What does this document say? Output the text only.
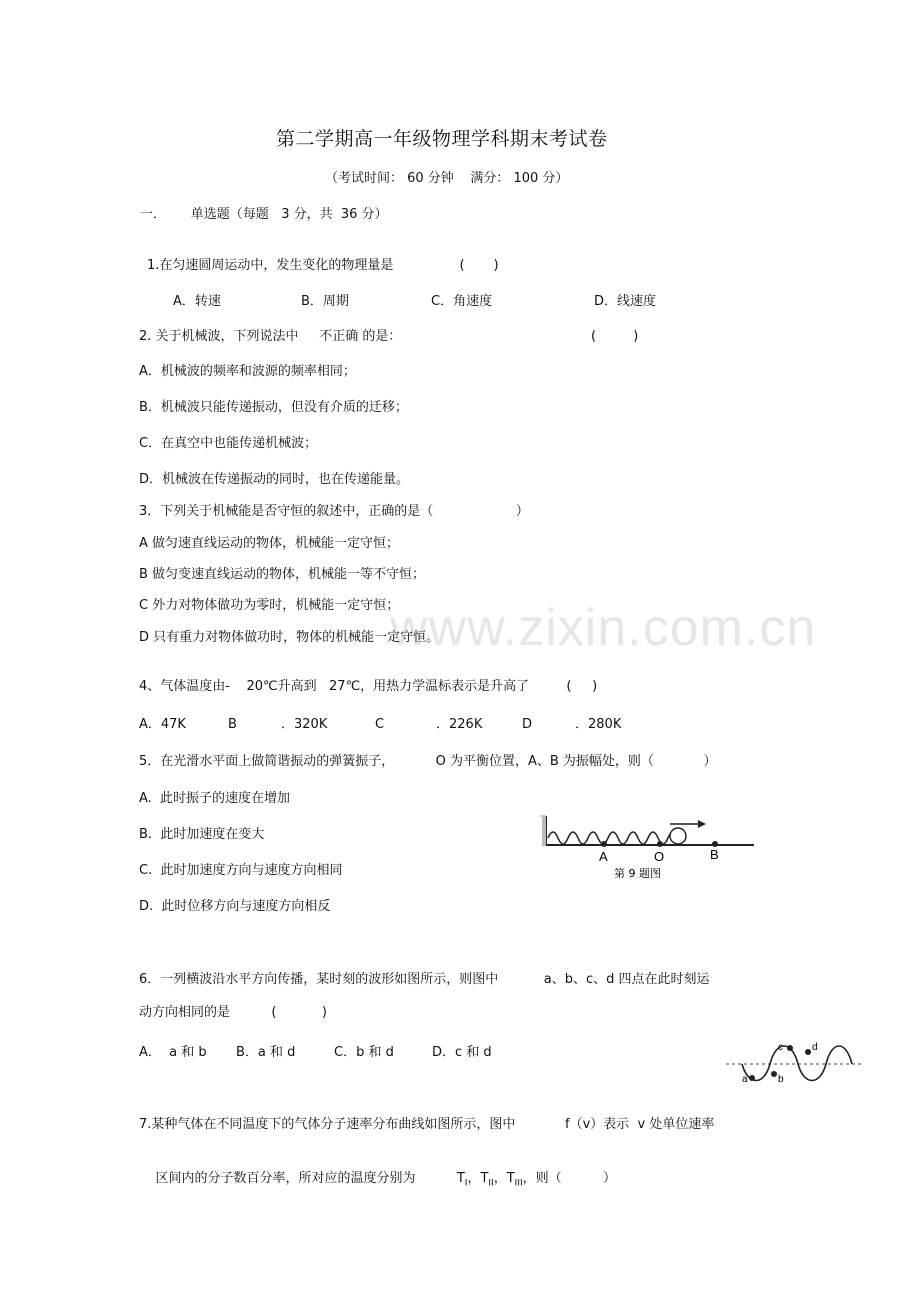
www.zixin.com.cn
第二学期高一年级物理学科期末考试卷
（考试时间： 60 分钟    满分： 100 分）
一．      单选题（每题   3 分，共  36 分）
1.在匀速圆周运动中，发生变化的物理量是                (       )
A．转速	B．周期	C．角速度	D．线速度
2. 关于机械波，下列说法中     不正确 的是：	(         )
A．机械波的频率和波源的频率相同；
B．机械波只能传递振动，但没有介质的迁移；
C．在真空中也能传递机械波；
D．机械波在传递振动的同时，也在传递能量。
3．下列关于机械能是否守恒的叙述中，正确的是（                    ）
A 做匀速直线运动的物体，机械能一定守恒；
B 做匀变速直线运动的物体，机械能一等不守恒；
C 外力对物体做功为零时，机械能一定守恒；
D 只有重力对物体做功时，物体的机械能一定守恒。
4、气体温度由-    20℃升高到   27℃，用热力学温标表示是升高了         (     )
A．47K	B	．320K	C	．226K	D	．280K
5．在光滑水平面上做简谐振动的弹簧振子，          O 为平衡位置，A、B 为振幅处，则（            ）
A.  此时振子的速度在增加
B.  此时加速度在变大
C.  此时加速度方向与速度方向相同
D.  此时位移方向与速度方向相反
A	O	B
第 9 题图
6．一列横波沿水平方向传播，某时刻的波形如图所示，则图中           a、b、c、d 四点在此时刻运
动方向相同的是          (           )
A．  a 和 b B．a 和 d	C．b 和 d	D．c 和 d
a	b
c	d
7.某种气体在不同温度下的气体分子速率分布曲线如图所示，图中            f（v）表示  v 处单位速率

区间内的分子数百分率，所对应的温度分别为          $T_I$，$T_{II}$，$T_{III}$，则（          ）
